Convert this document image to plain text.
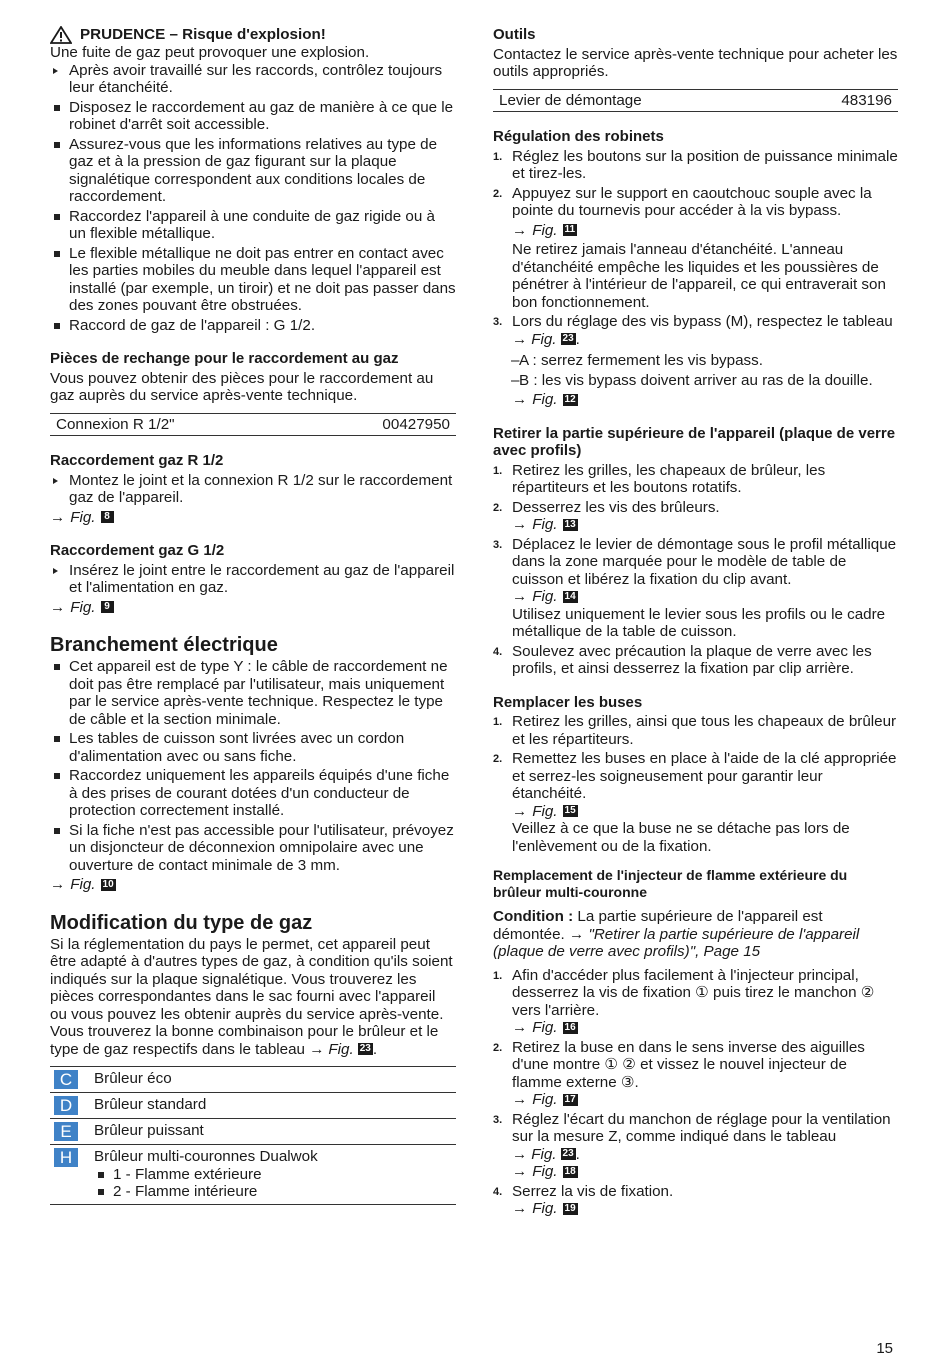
PRUDENCE – Risque d'explosion!

Une fuite de gaz peut provoquer une explosion.

Après avoir travaillé sur les raccords, contrôlez toujours leur étanchéité.
Disposez le raccordement au gaz de manière à ce que le robinet d'arrêt soit accessible.
Assurez-vous que les informations relatives au type de gaz et à la pression de gaz figurant sur la plaque signalétique correspondent aux conditions locales de raccordement.
Raccordez l'appareil à une conduite de gaz rigide ou à un flexible métallique.
Le flexible métallique ne doit pas entrer en contact avec les parties mobiles du meuble dans lequel l'appareil est installé (par exemple, un tiroir) et ne doit pas passer dans des zones pouvant être obstruées.
Raccord de gaz de l'appareil : G 1/2.
Pièces de rechange pour le raccordement au gaz

Vous pouvez obtenir des pièces pour le raccordement au gaz auprès du service après-vente technique.

Connexion R 1/2"	00427950
Raccordement gaz R 1/2
Montez le joint et la connexion R 1/2 sur le raccordement gaz de l'appareil.
→ Fig. 8
Raccordement gaz G 1/2
Insérez le joint entre le raccordement au gaz de l'appareil et l'alimentation en gaz.
→ Fig. 9
Branchement électrique
Cet appareil est de type Y : le câble de raccordement ne doit pas être remplacé par l'utilisateur, mais uniquement par le service après-vente technique. Respectez le type de câble et la section minimale.
Les tables de cuisson sont livrées avec un cordon d'alimentation avec ou sans fiche.
Raccordez uniquement les appareils équipés d'une fiche à des prises de courant dotées d'un conducteur de protection correctement installé.
Si la fiche n'est pas accessible pour l'utilisateur, prévoyez un disjoncteur de déconnexion omnipolaire avec une ouverture de contact minimale de 3 mm.
→ Fig. 10
Modification du type de gaz

Si la réglementation du pays le permet, cet appareil peut être adapté à d'autres types de gaz, à condition qu'ils soient indiqués sur la plaque signalétique. Vous trouverez les pièces correspondantes dans le sac fourni avec l'appareil ou vous pouvez les obtenir auprès du service après-vente. Vous trouverez la bonne combinaison pour le brûleur et le type de gaz respectifs dans le tableau → Fig. 23 .

C	Brûleur éco
D	Brûleur standard
E	Brûleur puissant
H	Brûleur multi-couronnes Dualwok
1 - Flamme extérieure
2 - Flamme intérieure
Outils

Contactez le service après-vente technique pour acheter les outils appropriés.

Levier de démontage	483196
Régulation des robinets
1. Réglez les boutons sur la position de puissance minimale et tirez-les.
2. Appuyez sur le support en caoutchouc souple avec la pointe du tournevis pour accéder à la vis bypass.
→ Fig. 11
Ne retirez jamais l'anneau d'étanchéité. L'anneau d'étanchéité empêche les liquides et les poussières de pénétrer à l'intérieur de l'appareil, ce qui entraverait son bon fonctionnement.
3. Lors du réglage des vis bypass (M), respectez le tableau
→ Fig. 23 .
– A : serrez fermement les vis bypass.
– B : les vis bypass doivent arriver au ras de la douille.
→ Fig. 12
Retirer la partie supérieure de l'appareil (plaque de verre avec profils)
1. Retirez les grilles, les chapeaux de brûleur, les répartiteurs et les boutons rotatifs.
2. Desserrez les vis des brûleurs.
→ Fig. 13
3. Déplacez le levier de démontage sous le profil métallique dans la zone marquée pour le modèle de table de cuisson et libérez la fixation du clip avant.
→ Fig. 14
Utilisez uniquement le levier sous les profils ou le cadre métallique de la table de cuisson.
4. Soulevez avec précaution la plaque de verre avec les profils, et ainsi desserrez la fixation par clip arrière.
Remplacer les buses
1. Retirez les grilles, ainsi que tous les chapeaux de brûleur et les répartiteurs.
2. Remettez les buses en place à l'aide de la clé appropriée et serrez-les soigneusement pour garantir leur étanchéité.
→ Fig. 15
Veillez à ce que la buse ne se détache pas lors de l'enlèvement ou de la fixation.
Remplacement de l'injecteur de flamme extérieure du brûleur multi-couronne

Condition : La partie supérieure de l'appareil est démontée. → "Retirer la partie supérieure de l'appareil (plaque de verre avec profils)", Page 15

1. Afin d'accéder plus facilement à l'injecteur principal, desserrez la vis de fixation ① puis tirez le manchon ② vers l'arrière.
→ Fig. 16
2. Retirez la buse en dans le sens inverse des aiguilles d'une montre ① ② et vissez le nouvel injecteur de flamme externe ③.
→ Fig. 17
3. Réglez l'écart du manchon de réglage pour la ventilation sur la mesure Z, comme indiqué dans le tableau
→ Fig. 23 .
→ Fig. 18
4. Serrez la vis de fixation.
→ Fig. 19
15
